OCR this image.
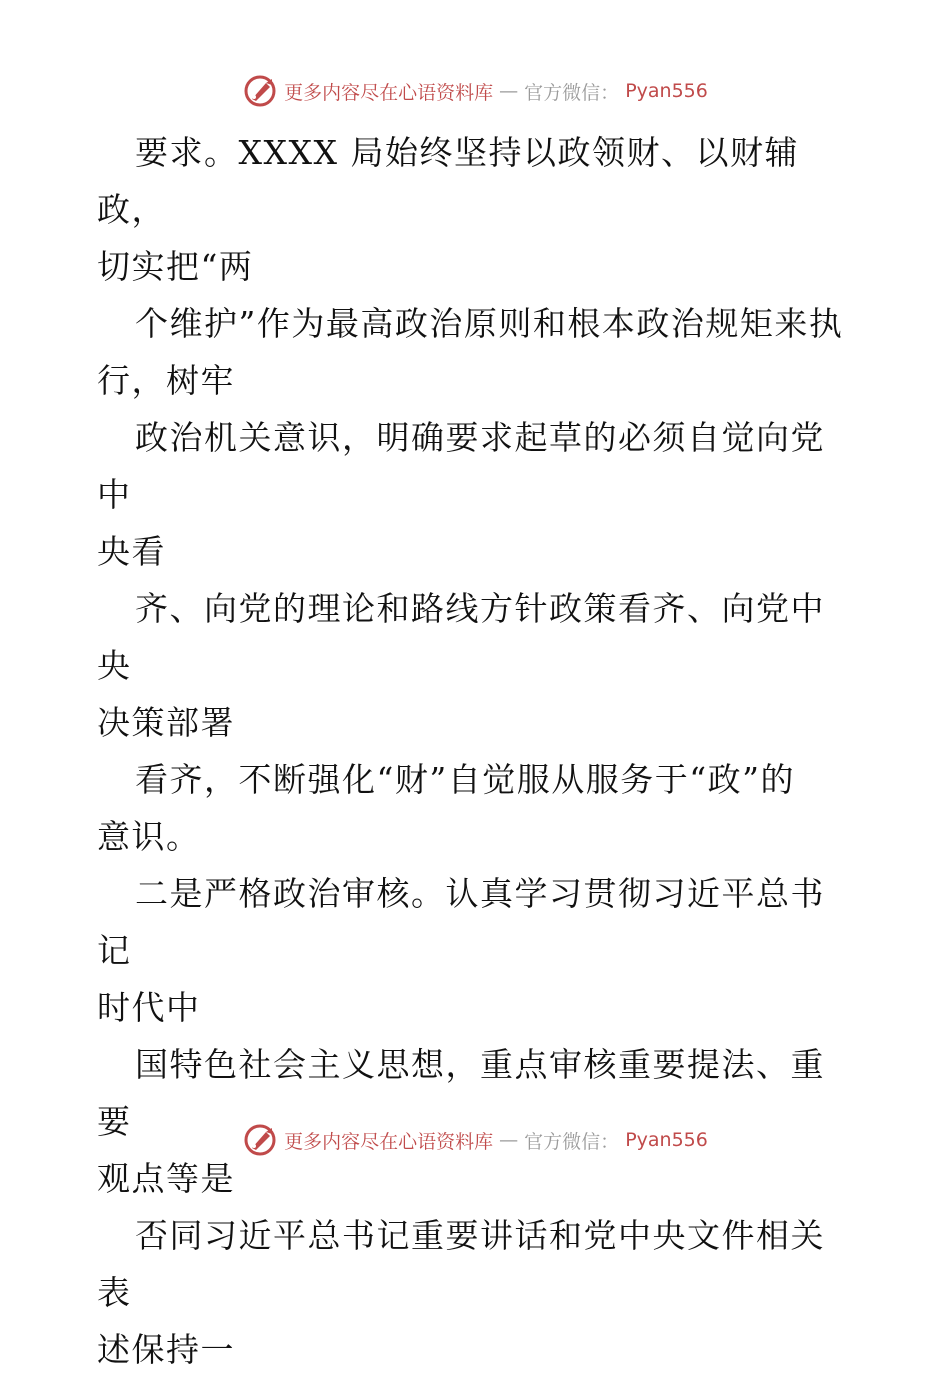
更多内容尽在心语资料库 — 官方微信： Pyan556

要求。XXXX 局始终坚持以政领财、以财辅政，

切实把“两

个维护”作为最高政治原则和根本政治规矩来执

行，树牢

政治机关意识，明确要求起草的必须自觉向党中

央看

齐、向党的理论和路线方针政策看齐、向党中央

决策部署

看齐，不断强化“财”自觉服从服务于“政”的

意识。

二是严格政治审核。认真学习贯彻习近平总书记

时代中

国特色社会主义思想，重点审核重要提法、重要

观点等是

否同习近平总书记重要讲话和党中央文件相关表

述保持一

更多内容尽在心语资料库 — 官方微信： Pyan556
